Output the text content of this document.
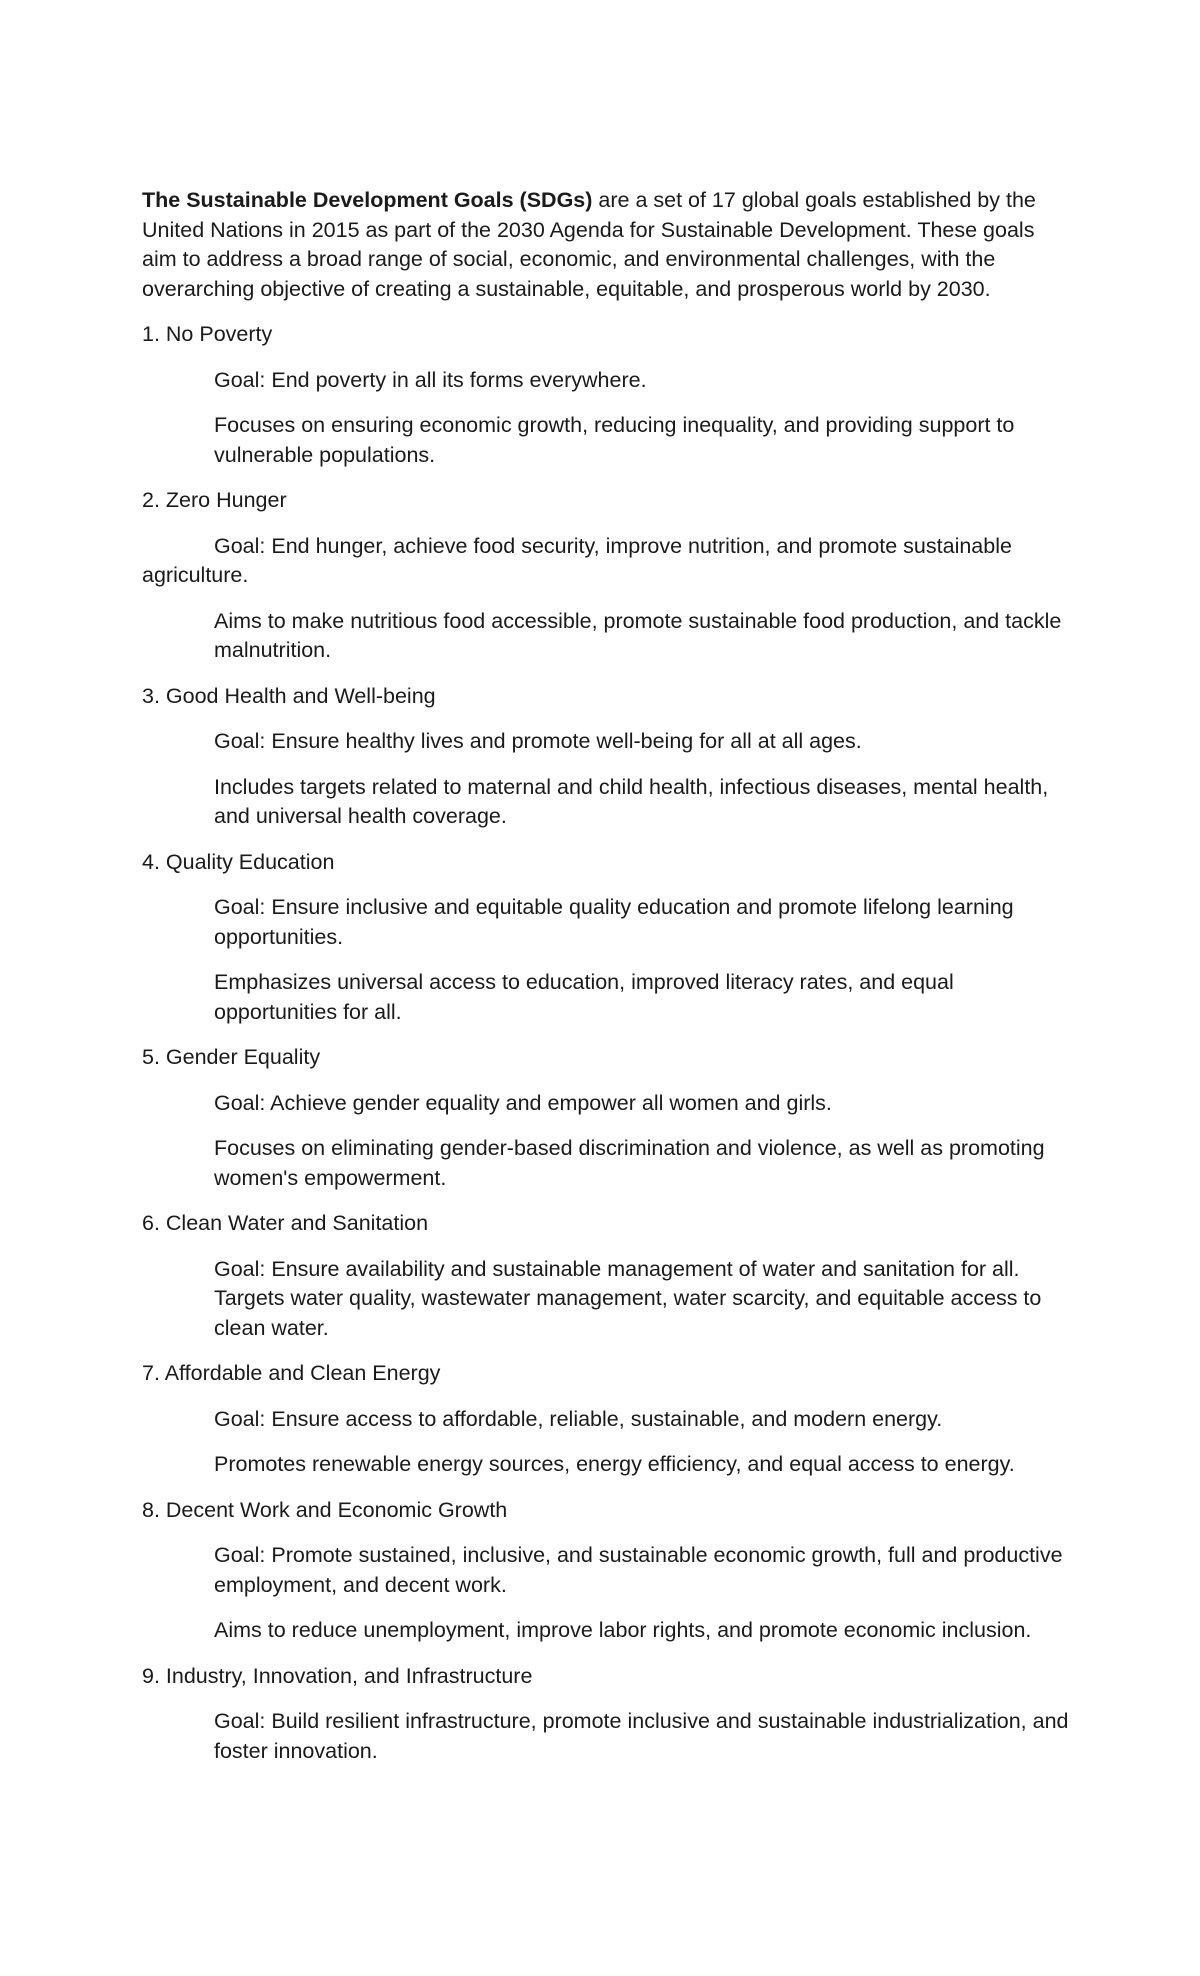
The Sustainable Development Goals (SDGs) are a set of 17 global goals established by the United Nations in 2015 as part of the 2030 Agenda for Sustainable Development. These goals aim to address a broad range of social, economic, and environmental challenges, with the overarching objective of creating a sustainable, equitable, and prosperous world by 2030.

1. No Poverty
Goal: End poverty in all its forms everywhere.
Focuses on ensuring economic growth, reducing inequality, and providing support to vulnerable populations.
2. Zero Hunger
Goal: End hunger, achieve food security, improve nutrition, and promote sustainable agriculture.
Aims to make nutritious food accessible, promote sustainable food production, and tackle malnutrition.
3. Good Health and Well-being
Goal: Ensure healthy lives and promote well-being for all at all ages.
Includes targets related to maternal and child health, infectious diseases, mental health, and universal health coverage.
4. Quality Education
Goal: Ensure inclusive and equitable quality education and promote lifelong learning opportunities.
Emphasizes universal access to education, improved literacy rates, and equal opportunities for all.
5. Gender Equality
Goal: Achieve gender equality and empower all women and girls.
Focuses on eliminating gender-based discrimination and violence, as well as promoting women's empowerment.
6. Clean Water and Sanitation
Goal: Ensure availability and sustainable management of water and sanitation for all. Targets water quality, wastewater management, water scarcity, and equitable access to clean water.
7. Affordable and Clean Energy
Goal: Ensure access to affordable, reliable, sustainable, and modern energy.
Promotes renewable energy sources, energy efficiency, and equal access to energy.
8. Decent Work and Economic Growth
Goal: Promote sustained, inclusive, and sustainable economic growth, full and productive employment, and decent work.
Aims to reduce unemployment, improve labor rights, and promote economic inclusion.
9. Industry, Innovation, and Infrastructure
Goal: Build resilient infrastructure, promote inclusive and sustainable industrialization, and foster innovation.
